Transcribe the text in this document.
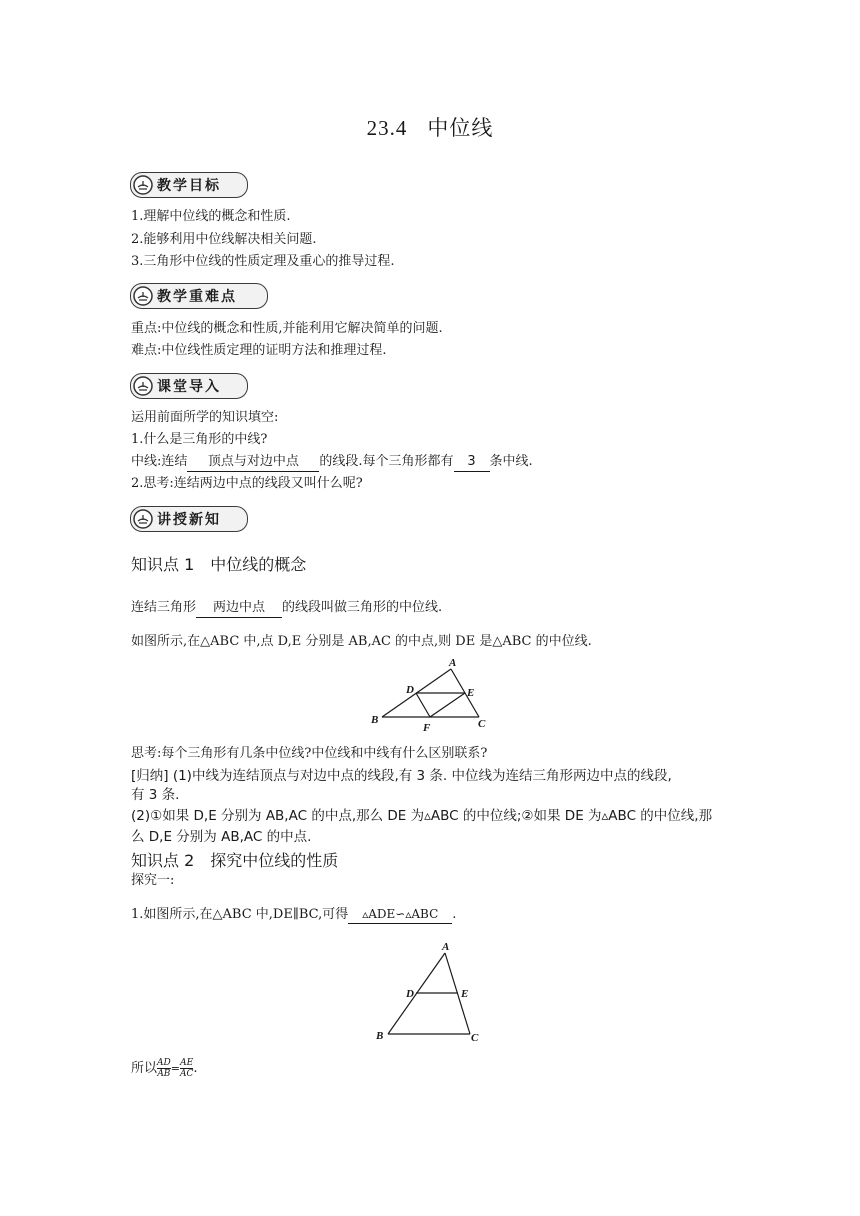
23.4 中位线
教学目标
1.理解中位线的概念和性质.
2.能够利用中位线解决相关问题.
3.三角形中位线的性质定理及重心的推导过程.
教学重难点
重点:中位线的概念和性质,并能利用它解决简单的问题.
难点:中位线性质定理的证明方法和推理过程.
课堂导入
运用前面所学的知识填空:
1.什么是三角形的中线?
中线:连结 顶点与对边中点 的线段.每个三角形都有 3 条中线.
2.思考:连结两边中点的线段又叫什么呢?
讲授新知
知识点 1　中位线的概念
连结三角形 两边中点 的线段叫做三角形的中位线.
如图所示,在△ABC 中,点 D,E 分别是 AB,AC 的中点,则 DE 是△ABC 的中位线.
A
B	C
D	E
F
思考:每个三角形有几条中位线?中位线和中线有什么区别联系?
[归纳] (1)中线为连结顶点与对边中点的线段,有 3 条. 中位线为连结三角形两边中点的线段,
有 3 条.
(2)①如果 D,E 分别为 AB,AC 的中点,那么 DE 为▵ABC 的中位线;②如果 DE 为▵ABC 的中位线,那
么 D,E 分别为 AB,AC 的中点.
知识点 2　探究中位线的性质
探究一:
1.如图所示,在△ABC 中,DE∥BC,可得 ▵ADE∽▵ABC .
A
B	C
D	E
所以 $\frac{AD}{AB} = \frac{AE}{AC}$ .
